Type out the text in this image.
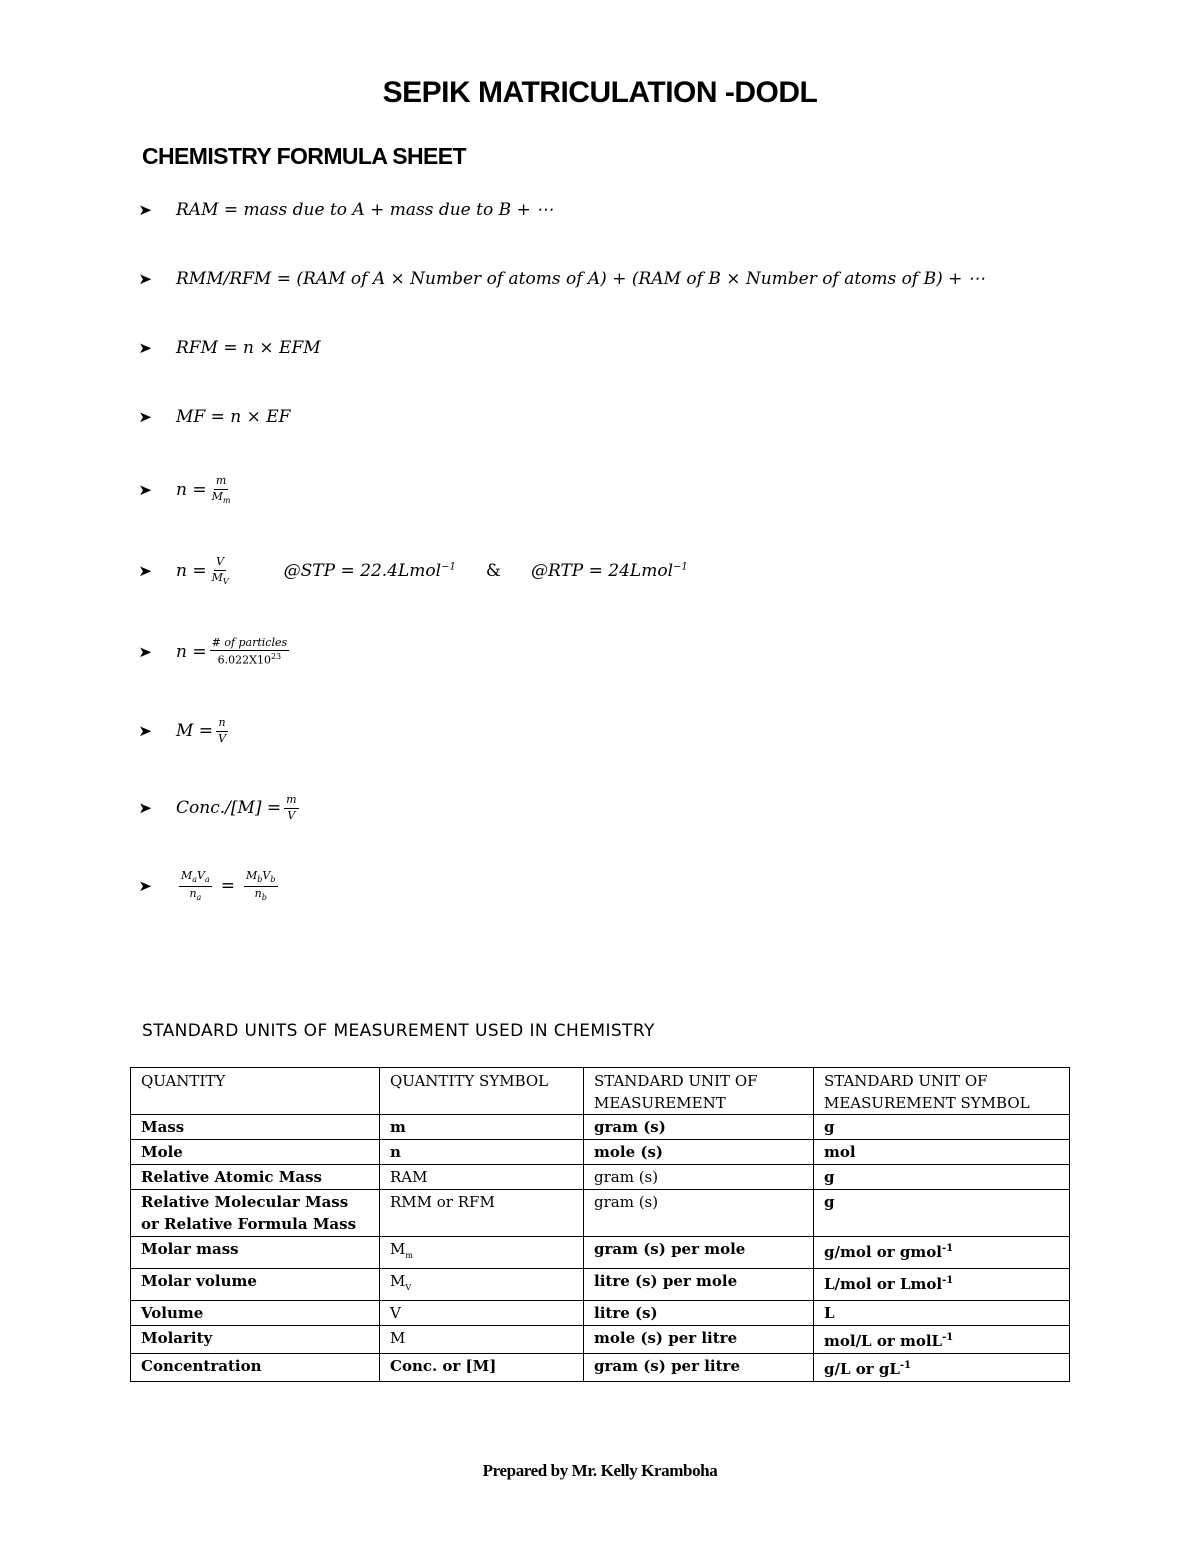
SEPIK MATRICULATION -DODL
CHEMISTRY FORMULA SHEET
➤	RAM = mass due to A + mass due to B + ⋯
➤	RMM/RFM = (RAM of A × Number of atoms of A) + (RAM of B × Number of atoms of B) + ⋯
➤	RFM = n × EFM
➤	MF = n × EF
➤	$n = \frac{m}{M_m}$
➤	$n = \frac{V}{M_V}$	@STP = 22.4Lmol$^{-1}$ & @RTP = 24Lmol$^{-1}$
➤	$n = \frac{\text{\# of particles}}{6.022X10^{23}}$
➤	$M = \frac{n}{V}$
➤	Conc./[M] = $\frac{m}{V}$
➤	$\frac{M_aV_a}{n_a} = \frac{M_bV_b}{n_b}$
STANDARD UNITS OF MEASUREMENT USED IN CHEMISTRY
QUANTITY	QUANTITY SYMBOL	STANDARD UNIT OF MEASUREMENT	STANDARD UNIT OF MEASUREMENT SYMBOL
Mass	m	gram (s)	g
Mole	n	mole (s)	mol
Relative Atomic Mass	RAM	gram (s)	g
Relative Molecular Mass or Relative Formula Mass	RMM or RFM	gram (s)	g
Molar mass	$M_m$	gram (s) per mole	g/mol or gmol$^{-1}$
Molar volume	$M_V$	litre (s) per mole	L/mol or Lmol$^{-1}$
Volume	V	litre (s)	L
Molarity	M	mole (s) per litre	mol/L or molL$^{-1}$
Concentration	Conc. or [M]	gram (s) per litre	g/L or $gL^{-1}$
Prepared by Mr. Kelly Kramboha
